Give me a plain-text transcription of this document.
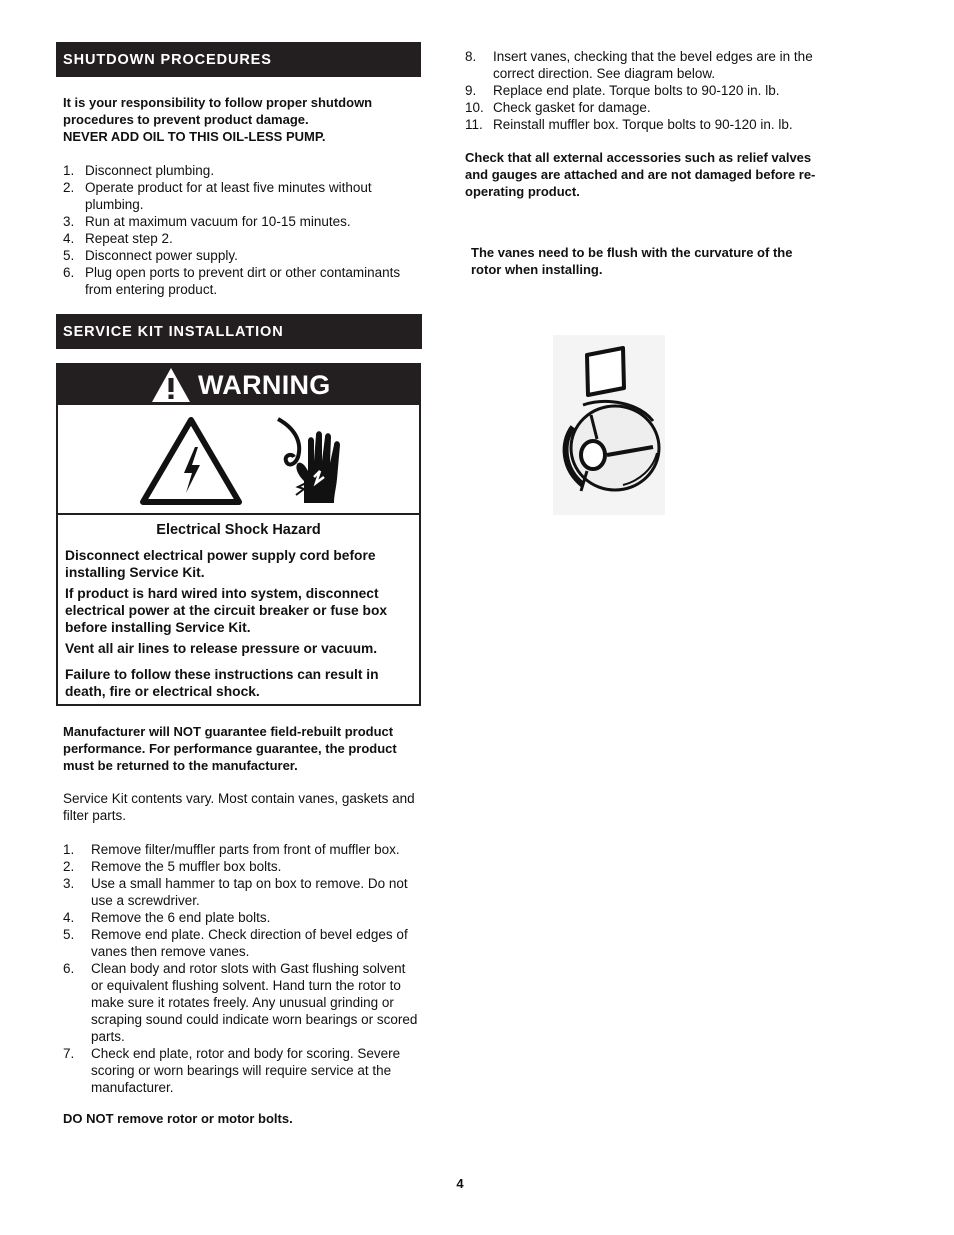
SHUTDOWN PROCEDURES
It is your responsibility to follow proper shutdown procedures to prevent product damage.
NEVER ADD OIL TO THIS OIL-LESS PUMP.
1. Disconnect plumbing.
2. Operate product for at least five minutes without plumbing.
3. Run at maximum vacuum for 10-15 minutes.
4. Repeat step 2.
5. Disconnect power supply.
6. Plug open ports to prevent dirt or other contaminants from entering product.
SERVICE KIT INSTALLATION
WARNING
Electrical Shock Hazard

Disconnect electrical power supply cord before installing Service Kit.

If product is hard wired into system, disconnect electrical power at the circuit breaker or fuse box before installing Service Kit.

Vent all air lines to release pressure or vacuum.

Failure to follow these instructions can result in death, fire or electrical shock.

Manufacturer will NOT guarantee field-rebuilt product performance. For performance guarantee, the product must be returned to the manufacturer.
Service Kit contents vary. Most contain vanes, gaskets and filter parts.
1.	Remove filter/muffler parts from front of muffler box.
2.	Remove the 5 muffler box bolts.
3.	Use a small hammer to tap on box to remove. Do not use a screwdriver.
4.	Remove the 6 end plate bolts.
5.	Remove end plate. Check direction of bevel edges of vanes then remove vanes.
6.	Clean body and rotor slots with Gast flushing solvent or equivalent flushing solvent. Hand turn the rotor to make sure it rotates freely. Any unusual grinding or scraping sound could indicate worn bearings or scored parts.
7.	Check end plate, rotor and body for scoring. Severe scoring or worn bearings will require service at the manufacturer.
DO NOT remove rotor or motor bolts.
8.	Insert vanes, checking that the bevel edges are in the correct direction. See diagram below.
9.	Replace end plate. Torque bolts to 90-120 in. lb.
10. Check gasket for damage.
11. Reinstall muffler box. Torque bolts to 90-120 in. lb.
Check that all external accessories such as relief valves and gauges are attached and are not damaged before re-operating product.
The vanes need to be flush with the curvature of the rotor when installing.
4
